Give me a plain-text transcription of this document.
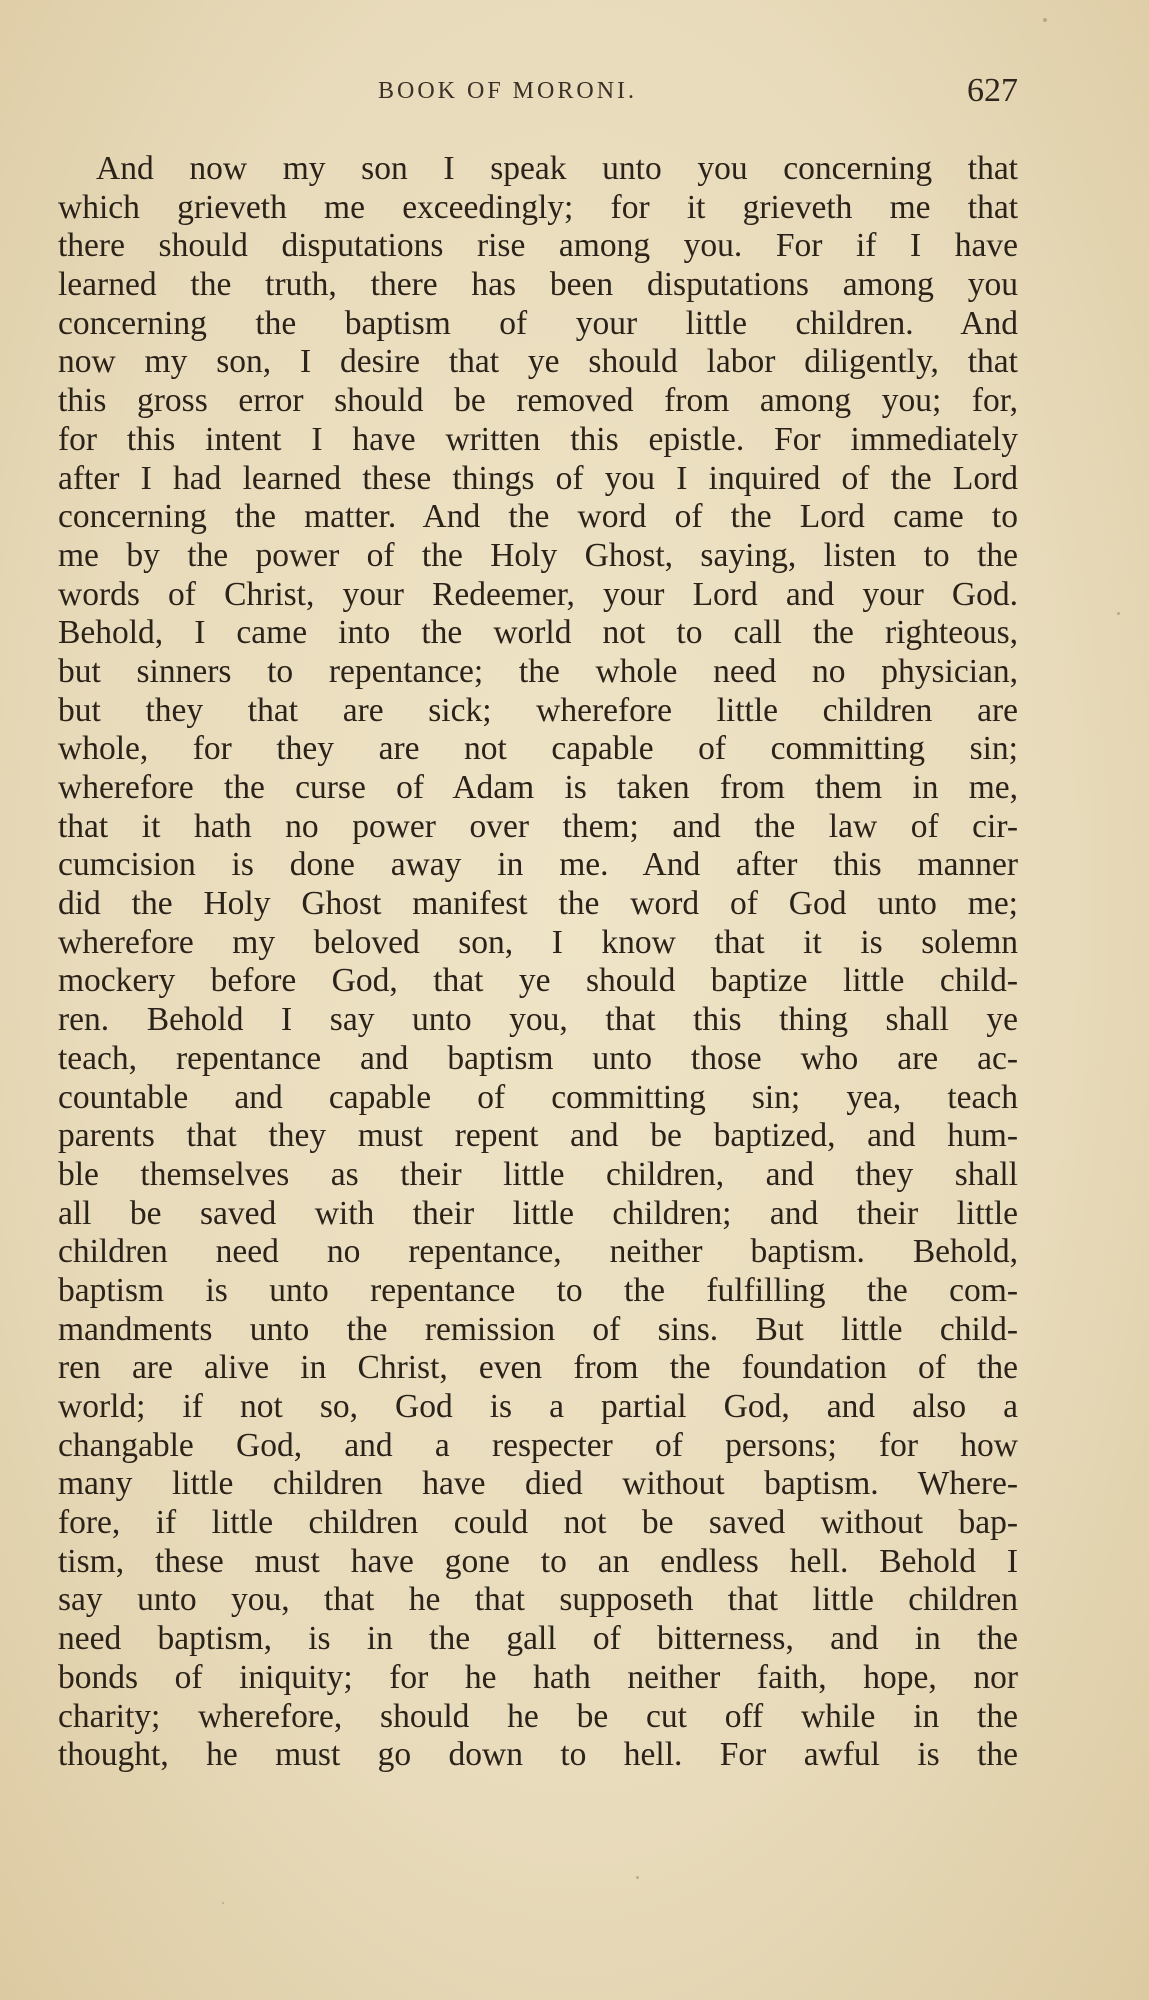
BOOK OF MORONI.	627
And now my son I speak unto you concerning that
which grieveth me exceedingly; for it grieveth me that
there should disputations rise among you. For if I have
learned the truth, there has been disputations among you
concerning the baptism of your little children. And
now my son, I desire that ye should labor diligently, that
this gross error should be removed from among you; for,
for this intent I have written this epistle. For immediately
after I had learned these things of you I inquired of the Lord
concerning the matter. And the word of the Lord came to
me by the power of the Holy Ghost, saying, listen to the
words of Christ, your Redeemer, your Lord and your God.
Behold, I came into the world not to call the righteous,
but sinners to repentance; the whole need no physician,
but they that are sick; wherefore little children are
whole, for they are not capable of committing sin;
wherefore the curse of Adam is taken from them in me,
that it hath no power over them; and the law of cir-
cumcision is done away in me. And after this manner
did the Holy Ghost manifest the word of God unto me;
wherefore my beloved son, I know that it is solemn
mockery before God, that ye should baptize little child-
ren. Behold I say unto you, that this thing shall ye
teach, repentance and baptism unto those who are ac-
countable and capable of committing sin; yea, teach
parents that they must repent and be baptized, and hum-
ble themselves as their little children, and they shall
all be saved with their little children; and their little
children need no repentance, neither baptism. Behold,
baptism is unto repentance to the fulfilling the com-
mandments unto the remission of sins. But little child-
ren are alive in Christ, even from the foundation of the
world; if not so, God is a partial God, and also a
changable God, and a respecter of persons; for how
many little children have died without baptism. Where-
fore, if little children could not be saved without bap-
tism, these must have gone to an endless hell. Behold I
say unto you, that he that supposeth that little children
need baptism, is in the gall of bitterness, and in the
bonds of iniquity; for he hath neither faith, hope, nor
charity; wherefore, should he be cut off while in the
thought, he must go down to hell. For awful is the
